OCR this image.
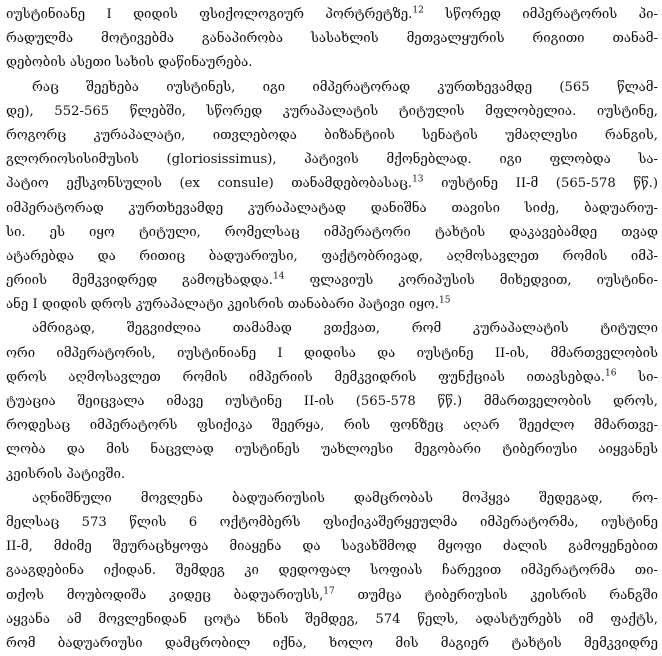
იუსტინიანე I დიდის ფსიქოლოგიურ პორტრეტზე.$^{12}$ სწორედ იმპერატორის პი-
რადულმა მოტივებმა განაპირობა სასახლის მეთვალყურის რიგითი თანამ-
დებობის ასეთი სახის დაწინაურება.
რაც შეეხება იუსტინეს, იგი იმპერატორად კურთხევამდე (565 წლამ-
დე), 552-565 წლებში, სწორედ კურაპალატის ტიტულის მფლობელია. იუსტინე,
როგორც კურაპალატი, ითვლებოდა ბიზანტიის სენატის უმაღლესი რანგის,
გლორიოსისიმუსის (gloriosissimus), პატივის მქონებლად. იგი ფლობდა სა-
პატიო ექსკონსულის (ex consule) თანამდებობასაც.$^{13}$ იუსტინე II-მ (565-578 წწ.)
იმპერატორად კურთხევამდე კურაპალატად დანიშნა თავისი სიძე, ბადუარიუ-
სი. ეს იყო ტიტული, რომელსაც იმპერატორი ტახტის დაკავებამდე თვად
ატარებდა და რითიც ბადუარიუსი, ფაქტობრივად, აღმოსავლეთ რომის იმპ-
ერიის მემკვიდრედ გამოცხადდა.$^{14}$ ფლავიუს კორიპუსის მიხედვით, იუსტინი-
ანე I დიდის დროს კურაპალატი კეისრის თანაბარი პატივი იყო.$^{15}$
ამრიგად, შეგვიძლია თამამად ვთქვათ, რომ კურაპალატის ტიტული
ორი იმპერატორის, იუსტინიანე I დიდისა და იუსტინე II-ის, მმართველობის
დროს აღმოსავლეთ რომის იმპერიის მემკვიდრის ფუნქციას ითავსებდა.$^{16}$ სი-
ტუაცია შეიცვალა იმავე იუსტინე II-ის (565-578 წწ.) მმართველობის დროს,
როდესაც იმპერატორს ფსიქიკა შეერყა, რის ფონზეც აღარ შეეძლო მმართვე-
ლობა და მის ნაცვლად იუსტინეს უახლოესი მეგობარი ტიბერიუსი აიყვანეს
კეისრის პატივში.
აღნიშნული მოვლენა ბადუარიუსის დამცრობას მოჰყვა შედეგად, რო-
მელსაც 573 წლის 6 ოქტომბერს ფსიქიკაშერყეულმა იმპერატორმა, იუსტინე
II-მ, მძიმე შეურაცხყოფა მიაყენა და სავახშმოდ მყოფი ძალის გამოყენებით
გააგდებინა იქიდან. შემდეგ კი დედოფალ სოფიას ჩარევით იმპერატორმა თი-
თქოს მოუბოდიშა კიდეც ბადუარიუსს,$^{17}$ თუმცა ტიბერიუსის კეისრის რანგში
აყვანა ამ მოვლენიდან ცოტა ხნის შემდეგ, 574 წელს, ადასტურებს იმ ფაქტს,
რომ ბადუარიუსი დამცრობილ იქნა, ხოლო მის მაგიერ ტახტის მემკვიდრე
